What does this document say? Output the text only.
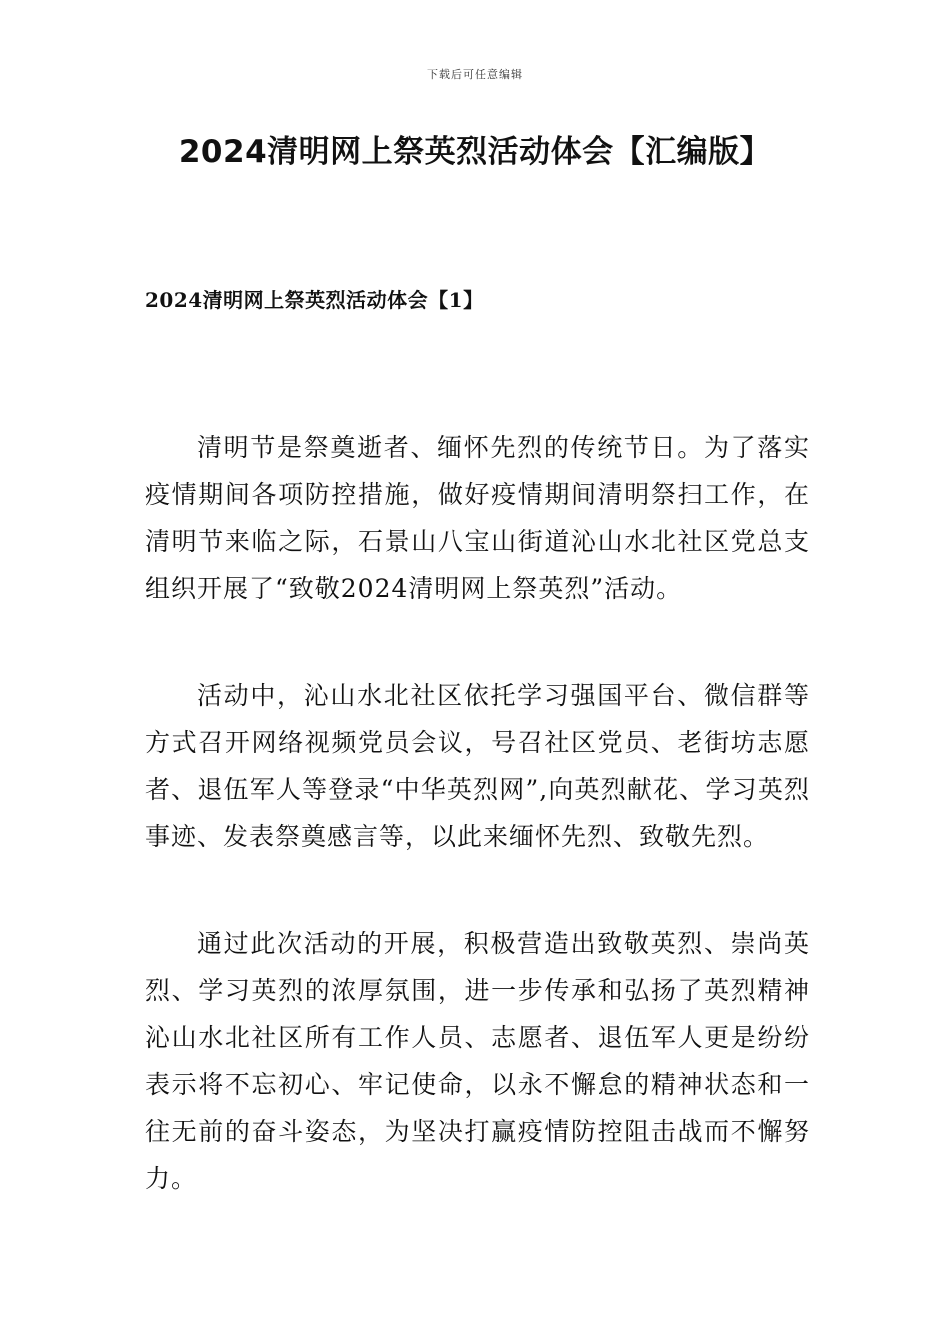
下载后可任意编辑
2024清明网上祭英烈活动体会【汇编版】
2024清明网上祭英烈活动体会【1】

清明节是祭奠逝者、缅怀先烈的传统节日。为了落实疫情期间各项防控措施，做好疫情期间清明祭扫工作，在清明节来临之际，石景山八宝山街道沁山水北社区党总支组织开展了“致敬2024清明网上祭英烈”活动。

活动中，沁山水北社区依托学习强国平台、微信群等方式召开网络视频党员会议，号召社区党员、老街坊志愿者、退伍军人等登录“中华英烈网”,向英烈献花、学习英烈事迹、发表祭奠感言等，以此来缅怀先烈、致敬先烈。

通过此次活动的开展，积极营造出致敬英烈、崇尚英烈、学习英烈的浓厚氛围，进一步传承和弘扬了英烈精神沁山水北社区所有工作人员、志愿者、退伍军人更是纷纷表示将不忘初心、牢记使命，以永不懈怠的精神状态和一往无前的奋斗姿态，为坚决打赢疫情防控阻击战而不懈努力。
